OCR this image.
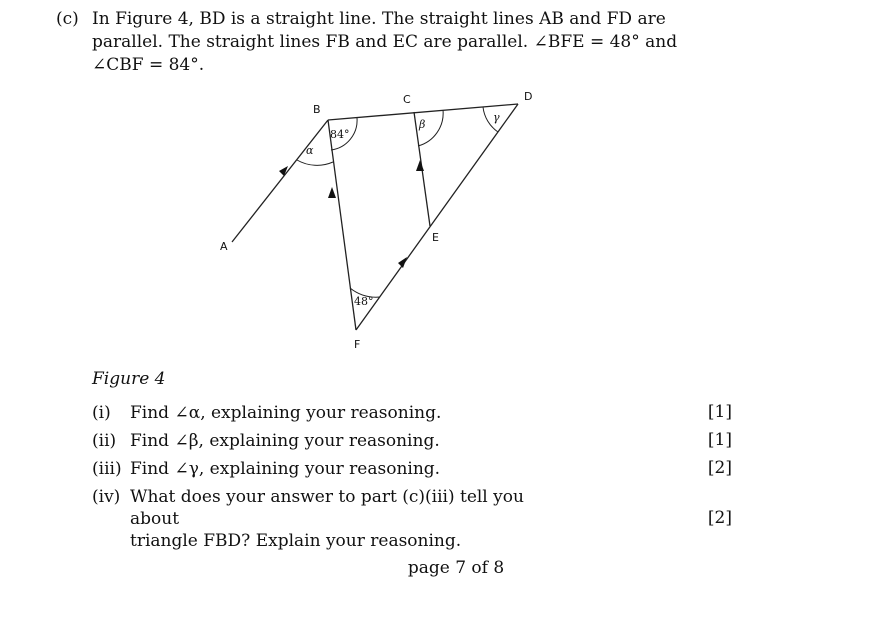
(c) In Figure 4, BD is a straight line. The straight lines AB and FD are
parallel. The straight lines FB and EC are parallel. ∠BFE = 48° and
∠CBF = 84°.
A
B
C	D
E
F
α
84°
β
γ
48°
Figure 4
(i) Find ∠α, explaining your reasoning.	[1]
(ii) Find ∠β, explaining your reasoning.	[1]
(iii) Find ∠γ, explaining your reasoning.	[2]
(iv) What does your answer to part (c)(iii) tell you about
triangle FBD? Explain your reasoning.
[2]
page 7 of 8
